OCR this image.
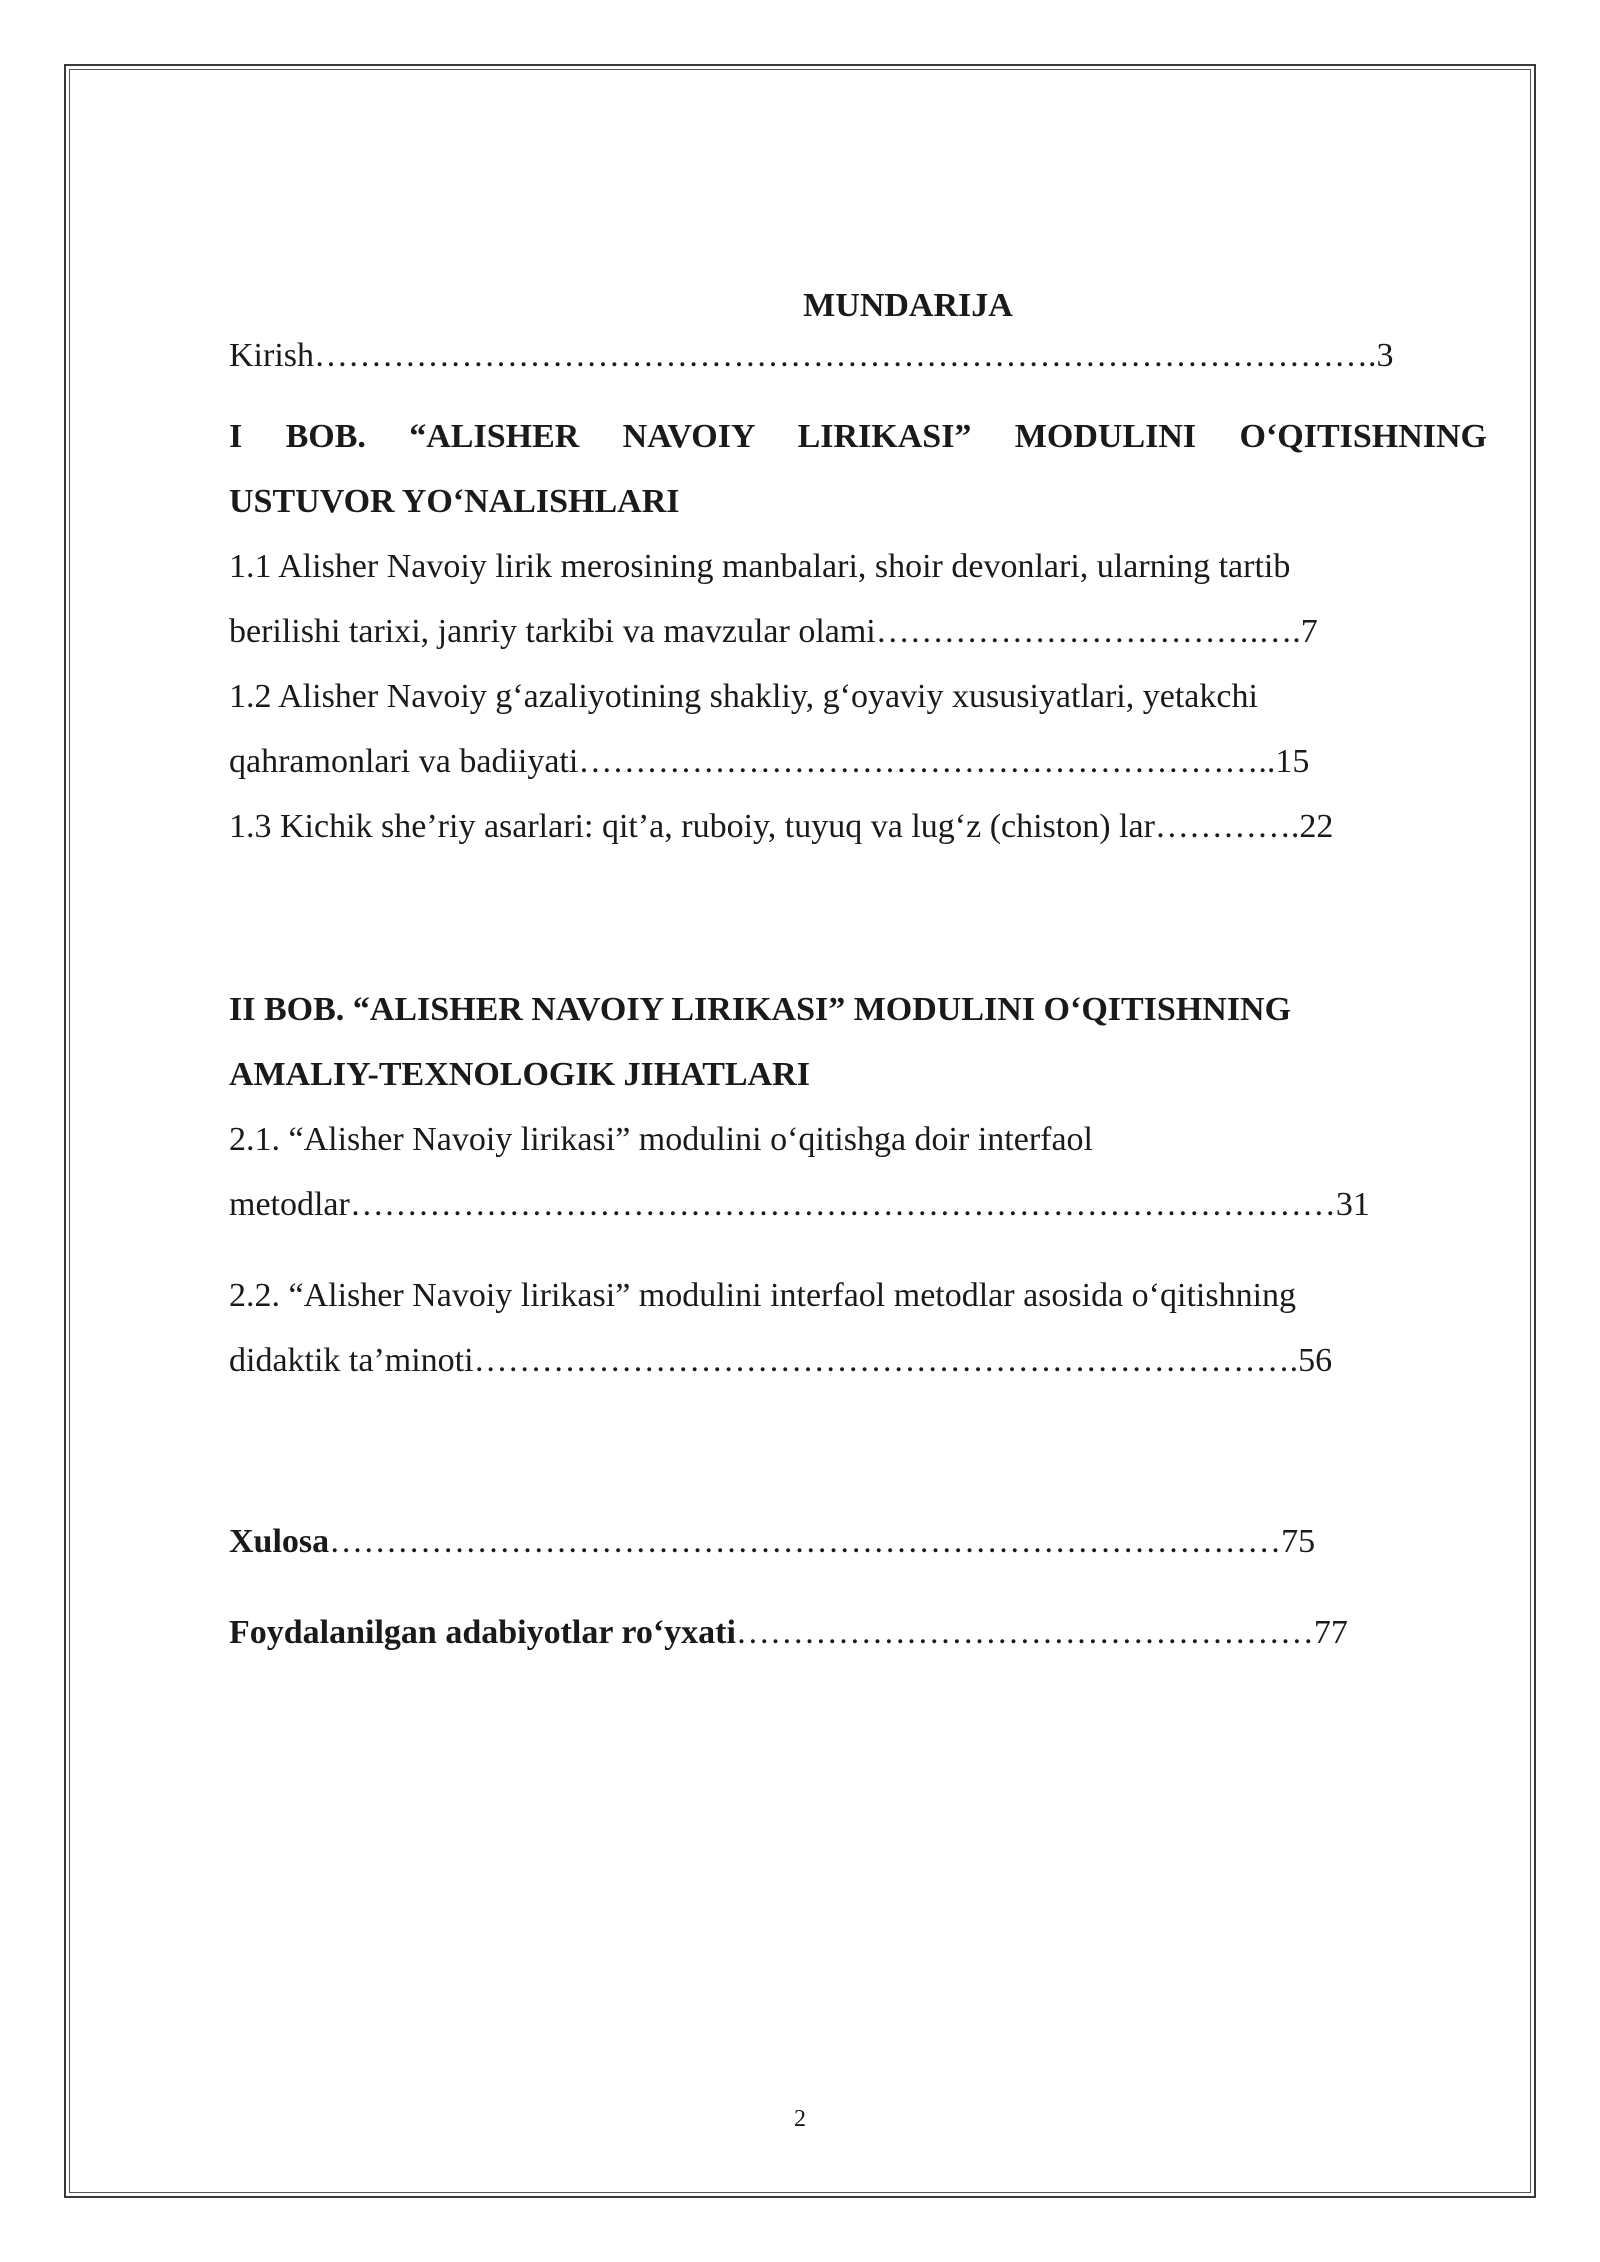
MUNDARIJA
Kirish………………………………………………………………………………….3
I BOB. “ALISHER NAVOIY LIRIKASI” MODULINI O‘QITISHNING
USTUVOR YO‘NALISHLARI
1.1 Alisher Navoiy lirik merosining manbalari, shoir devonlari, ularning tartib
berilishi tarixi, janriy tarkibi va mavzular olami…………………………….….7
1.2 Alisher Navoiy g‘azaliyotining shakliy, g‘oyaviy xususiyatlari, yetakchi
qahramonlari va badiiyati……………………………………………………..15
1.3 Kichik she’riy asarlari: qit’a, ruboiy, tuyuq va lug‘z (chiston) lar………….22
II BOB. “ALISHER NAVOIY LIRIKASI” MODULINI O‘QITISHNING
AMALIY-TEXNOLOGIK JIHATLARI
2.1. “Alisher Navoiy lirikasi” modulini o‘qitishga doir interfaol
metodlar……………………………………………………………………………31
2.2. “Alisher Navoiy lirikasi” modulini interfaol metodlar asosida o‘qitishning
didaktik ta’minoti……………………………………………………………….56
Xulosa…………………………………………………………………………75
Foydalanilgan adabiyotlar ro‘yxati……………………………………………77
2
